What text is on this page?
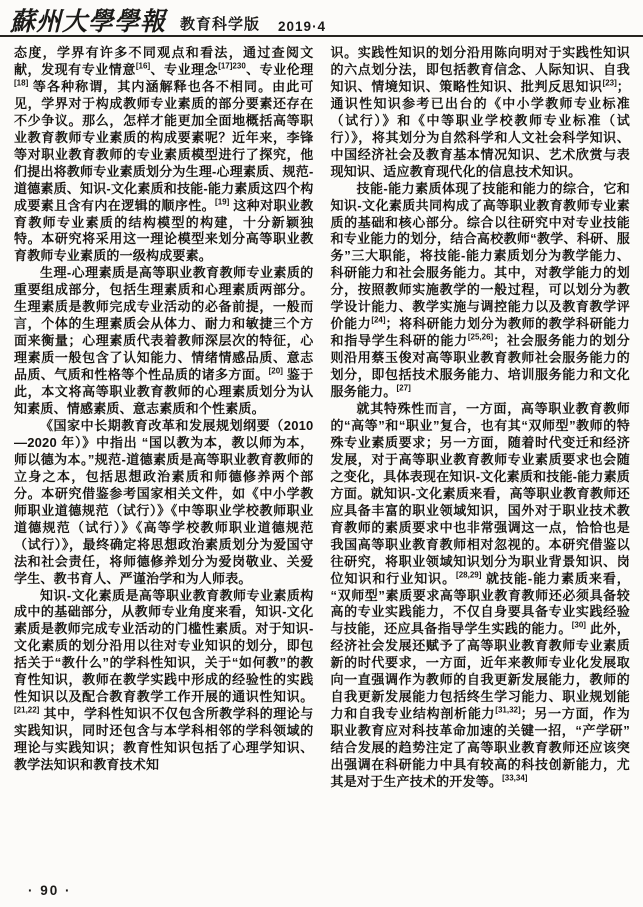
蘇州大學學報 教育科学版 2019·4

态度，学界有许多不同观点和看法，通过查阅文献，发现有专业情意[16]、专业理念$^{[17]230}$、专业伦理[18] 等各种称谓，其内涵解释也各不相同。由此可见，学界对于构成教师专业素质的部分要素还存在不少争议。那么，怎样才能更加全面地概括高等职业教育教师专业素质的构成要素呢？近年来，李锋等对职业教育教师的专业素质模型进行了探究，他们提出将教师专业素质划分为生理-心理素质、规范-道德素质、知识-文化素质和技能-能力素质这四个构成要素且含有内在逻辑的顺序性。[19] 这种对职业教育教师专业素质的结构模型的构建，十分新颖独特。本研究将采用这一理论模型来划分高等职业教育教师专业素质的一级构成要素。

生理-心理素质是高等职业教育教师专业素质的重要组成部分，包括生理素质和心理素质两部分。生理素质是教师完成专业活动的必备前提，一般而言，个体的生理素质会从体力、耐力和敏捷三个方面来衡量；心理素质代表着教师深层次的特征，心理素质一般包含了认知能力、情绪情感品质、意志品质、气质和性格等个性品质的诸多方面。[20] 鉴于此，本文将高等职业教育教师的心理素质划分为认知素质、情感素质、意志素质和个性素质。

《国家中长期教育改革和发展规划纲要（2010—2020 年）》中指出 “国以教为本，教以师为本，师以德为本。”规范-道德素质是高等职业教育教师的立身之本，包括思想政治素质和师德修养两个部分。本研究借鉴参考国家相关文件，如《中小学教师职业道德规范（试行）》《中等职业学校教师职业道德规范（试行）》《高等学校教师职业道德规范（试行）》，最终确定将思想政治素质划分为爱国守法和社会责任，将师德修养划分为爱岗敬业、关爱学生、教书育人、严谨治学和为人师表。

知识-文化素质是高等职业教育教师专业素质构成中的基础部分，从教师专业角度来看，知识-文化素质是教师完成专业活动的门槛性素质。对于知识-文化素质的划分沿用以往对专业知识的划分，即包括关于“教什么”的学科性知识，关于“如何教”的教育性知识，教师在教学实践中形成的经验性的实践性知识以及配合教育教学工作开展的通识性知识。[21,22] 其中，学科性知识不仅包含所教学科的理论与实践知识，同时还包含与本学科相邻的学科领域的理论与实践知识；教育性知识包括了心理学知识、教学法知识和教育技术知

识。实践性知识的划分沿用陈向明对于实践性知识的六点划分法，即包括教育信念、人际知识、自我知识、情境知识、策略性知识、批判反思知识[23]；通识性知识参考已出台的《中小学教师专业标准（试行）》和《中等职业学校教师专业标准（试行）》，将其划分为自然科学和人文社会科学知识、中国经济社会及教育基本情况知识、艺术欣赏与表现知识、适应教育现代化的信息技术知识。

技能-能力素质体现了技能和能力的综合，它和知识-文化素质共同构成了高等职业教育教师专业素质的基础和核心部分。综合以往研究中对专业技能和专业能力的划分，结合高校教师“教学、科研、服务”三大职能，将技能-能力素质划分为教学能力、科研能力和社会服务能力。其中，对教学能力的划分，按照教师实施教学的一般过程，可以划分为教学设计能力、教学实施与调控能力以及教育教学评价能力[24]；将科研能力划分为教师的教学科研能力和指导学生科研的能力[25,26]；社会服务能力的划分则沿用蔡玉俊对高等职业教育教师社会服务能力的划分，即包括技术服务能力、培训服务能力和文化服务能力。[27]

就其特殊性而言，一方面，高等职业教育教师的“高等”和“职业”复合，也有其“双师型”教师的特殊专业素质要求；另一方面，随着时代变迁和经济发展，对于高等职业教育教师专业素质要求也会随之变化，具体表现在知识-文化素质和技能-能力素质方面。就知识-文化素质来看，高等职业教育教师还应具备丰富的职业领域知识，国外对于职业技术教育教师的素质要求中也非常强调这一点，恰恰也是我国高等职业教育教师相对忽视的。本研究借鉴以往研究，将职业领域知识划分为职业背景知识、岗位知识和行业知识。[28,29] 就技能-能力素质来看，“双师型”素质要求高等职业教育教师还必须具备较高的专业实践能力，不仅自身要具备专业实践经验与技能，还应具备指导学生实践的能力。[30] 此外，经济社会发展还赋予了高等职业教育教师专业素质新的时代要求，一方面，近年来教师专业化发展取向一直强调作为教师的自我更新发展能力，教师的自我更新发展能力包括终生学习能力、职业规划能力和自我专业结构剖析能力[31,32]；另一方面，作为职业教育应对科技革命加速的关键一招，“产学研”结合发展的趋势注定了高等职业教育教师还应该突出强调在科研能力中具有较高的科技创新能力，尤其是对于生产技术的开发等。[33,34]

· 90 ·
